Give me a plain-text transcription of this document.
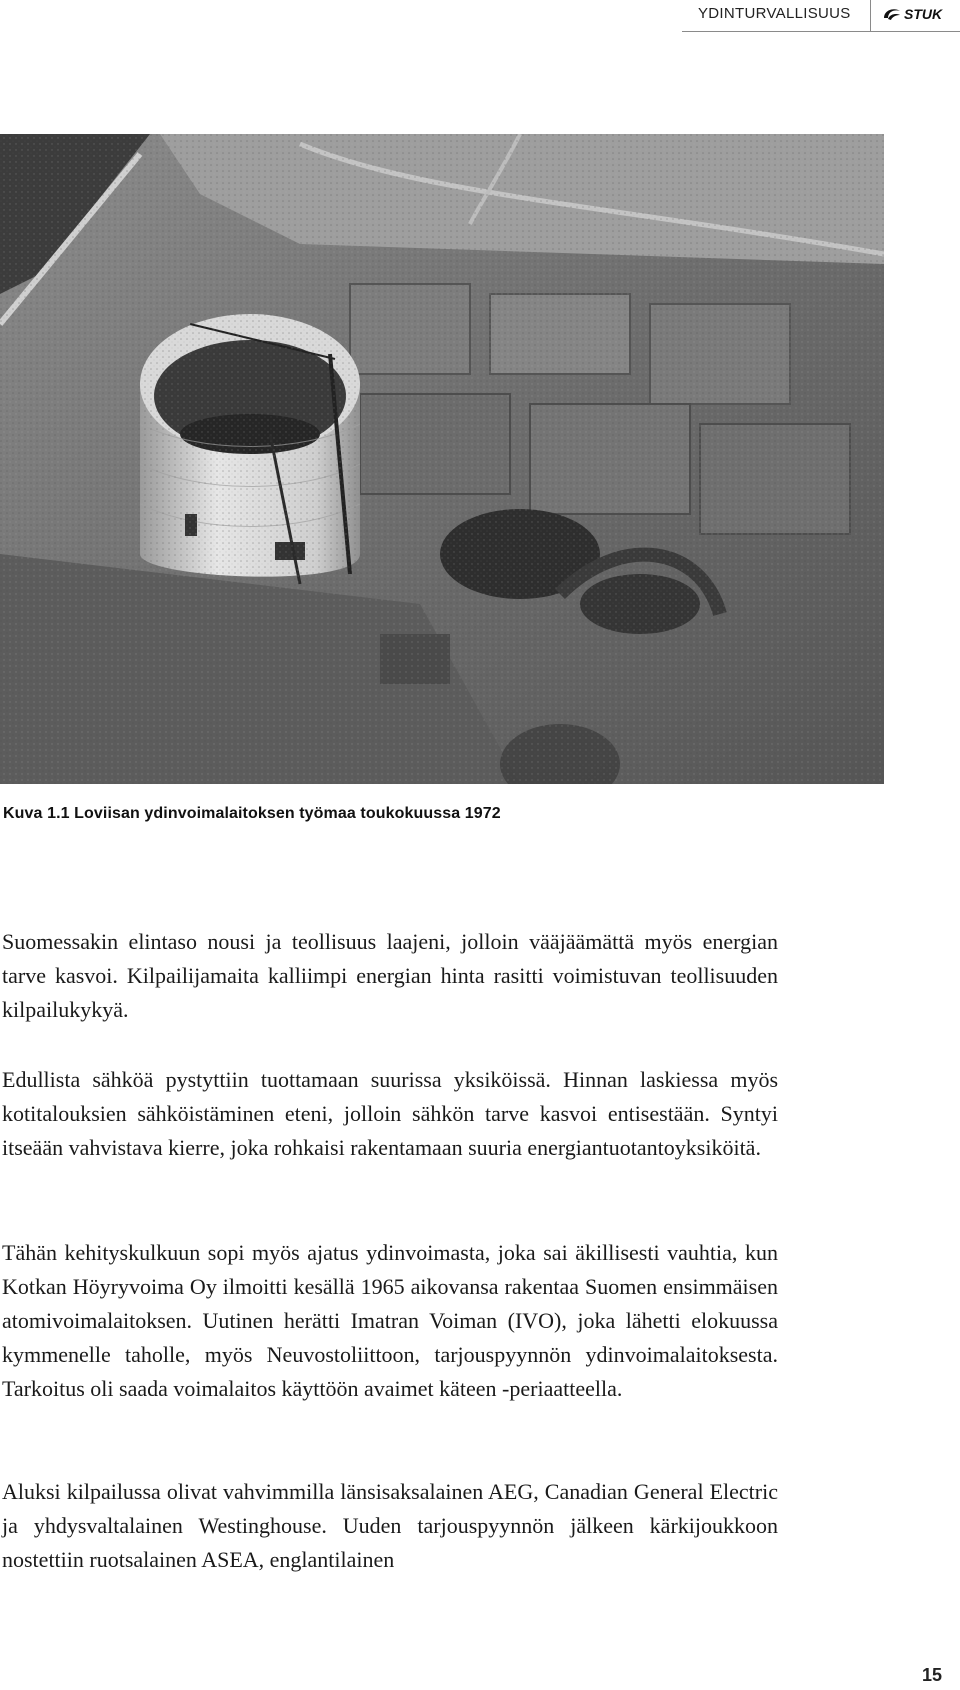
YDINTURVALLISUUS	STUK
Kuva 1.1 Loviisan ydinvoimalaitoksen työmaa toukokuussa 1972

Suomessakin elintaso nousi ja teollisuus laajeni, jolloin vääjäämättä myös energian tarve kasvoi. Kilpailijamaita kalliimpi energian hinta rasitti voimistuvan teollisuuden kilpailukykyä.

Edullista sähköä pystyttiin tuottamaan suurissa yksiköissä. Hinnan laskiessa myös kotitalouksien sähköistäminen eteni, jolloin sähkön tarve kasvoi entisestään. Syntyi itseään vahvistava kierre, joka rohkaisi rakentamaan suuria energiantuotantoyksiköitä.

Tähän kehityskulkuun sopi myös ajatus ydinvoimasta, joka sai äkillisesti vauhtia, kun Kotkan Höyryvoima Oy ilmoitti kesällä 1965 aikovansa rakentaa Suomen ensimmäisen atomivoimalaitoksen. Uutinen herätti Imatran Voiman (IVO), joka lähetti elokuussa kymmenelle taholle, myös Neuvostoliittoon, tarjouspyynnön ydinvoimalaitoksesta. Tarkoitus oli saada voimalaitos käyttöön avaimet käteen -periaatteella.

Aluksi kilpailussa olivat vahvimmilla länsisaksalainen AEG, Canadian General Electric ja yhdysvaltalainen Westinghouse. Uuden tarjouspyynnön jälkeen kärkijoukkoon nostettiin ruotsalainen ASEA, englantilainen

15
